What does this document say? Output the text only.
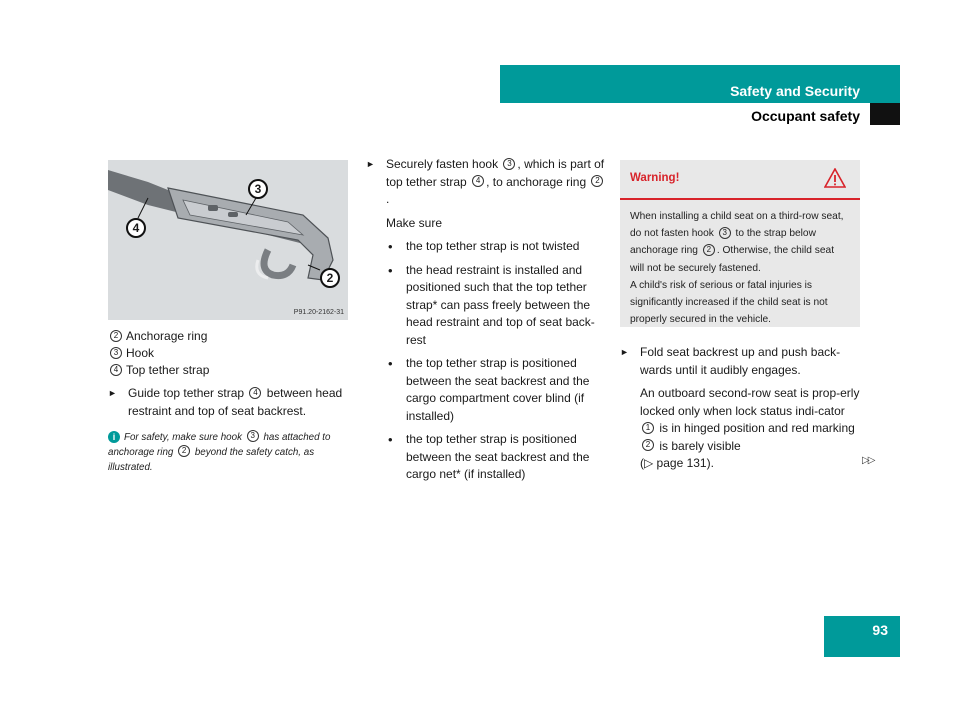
Safety and Security
Occupant safety
3
4
2
P91.20-2162-31
2 Anchorage ring
3 Hook
4 Top tether strap
► Guide top tether strap 4 between head restraint and top of seat backrest.
i For safety, make sure hook 3 has attached to anchorage ring 2 beyond the safety catch, as illustrated.
► Securely fasten hook 3 , which is part of top tether strap 4 , to anchorage ring 2.
Make sure
• the top tether strap is not twisted
• the head restraint is installed and positioned such that the top tether strap* can pass freely between the head restraint and top of seat back-rest
• the top tether strap is positioned between the seat backrest and the cargo compartment cover blind (if installed)
• the top tether strap is positioned between the seat backrest and the cargo net* (if installed)
Warning!
When installing a child seat on a third-row seat, do not fasten hook 3 to the strap below anchorage ring 2 . Otherwise, the child seat will not be securely fastened.
A child's risk of serious or fatal injuries is significantly increased if the child seat is not properly secured in the vehicle.
► Fold seat backrest up and push back-wards until it audibly engages.
An outboard second-row seat is prop-erly locked only when lock status indi-cator 1 is in hinged position and red marking 2 is barely visible
(▷ page 131).	▷▷
93
